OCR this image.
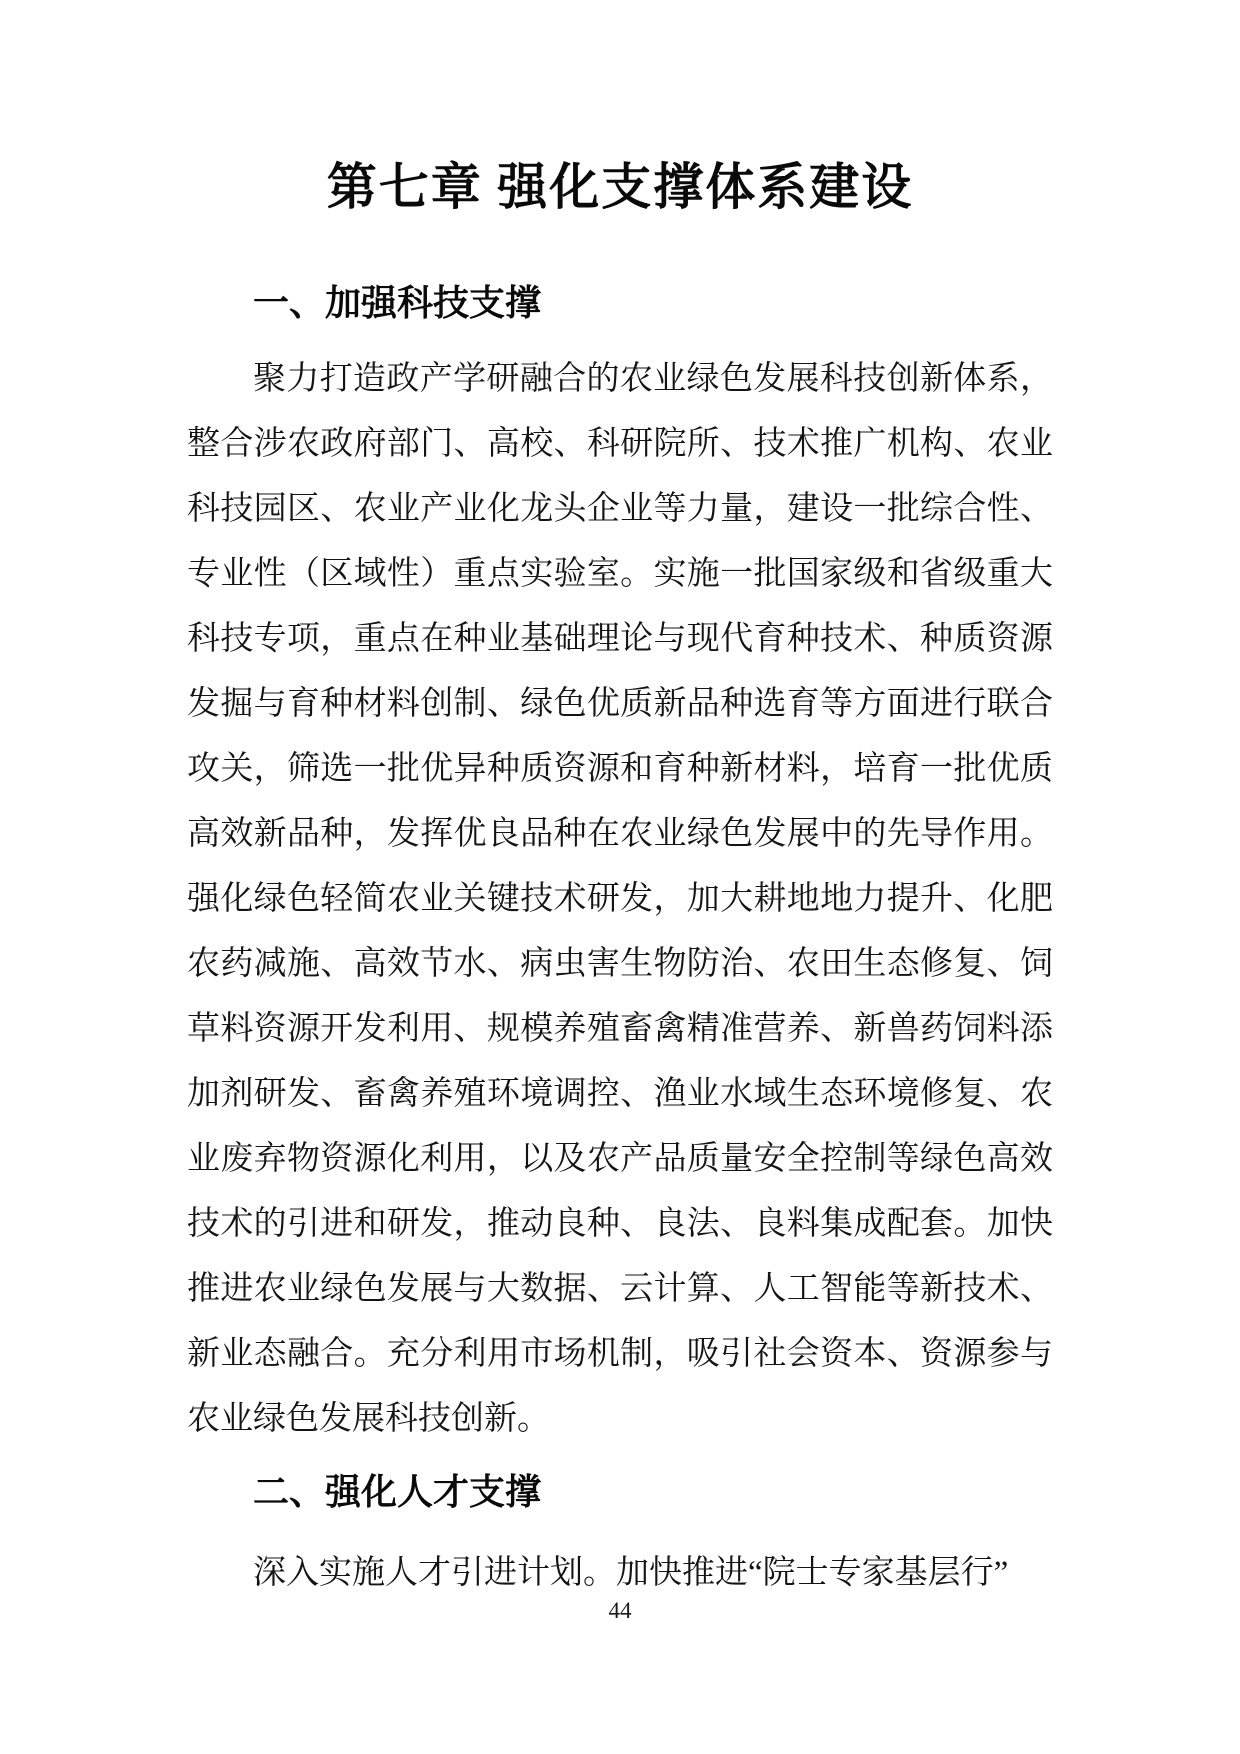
第七章 强化支撑体系建设
一、加强科技支撑

聚力打造政产学研融合的农业绿色发展科技创新体系，整合涉农政府部门、高校、科研院所、技术推广机构、农业科技园区、农业产业化龙头企业等力量，建设一批综合性、专业性（区域性）重点实验室。实施一批国家级和省级重大科技专项，重点在种业基础理论与现代育种技术、种质资源发掘与育种材料创制、绿色优质新品种选育等方面进行联合攻关，筛选一批优异种质资源和育种新材料，培育一批优质高效新品种，发挥优良品种在农业绿色发展中的先导作用。强化绿色轻简农业关键技术研发，加大耕地地力提升、化肥农药减施、高效节水、病虫害生物防治、农田生态修复、饲草料资源开发利用、规模养殖畜禽精准营养、新兽药饲料添加剂研发、畜禽养殖环境调控、渔业水域生态环境修复、农业废弃物资源化利用，以及农产品质量安全控制等绿色高效技术的引进和研发，推动良种、良法、良料集成配套。加快推进农业绿色发展与大数据、云计算、人工智能等新技术、新业态融合。充分利用市场机制，吸引社会资本、资源参与农业绿色发展科技创新。

二、强化人才支撑

深入实施人才引进计划。加快推进“院士专家基层行”

44
